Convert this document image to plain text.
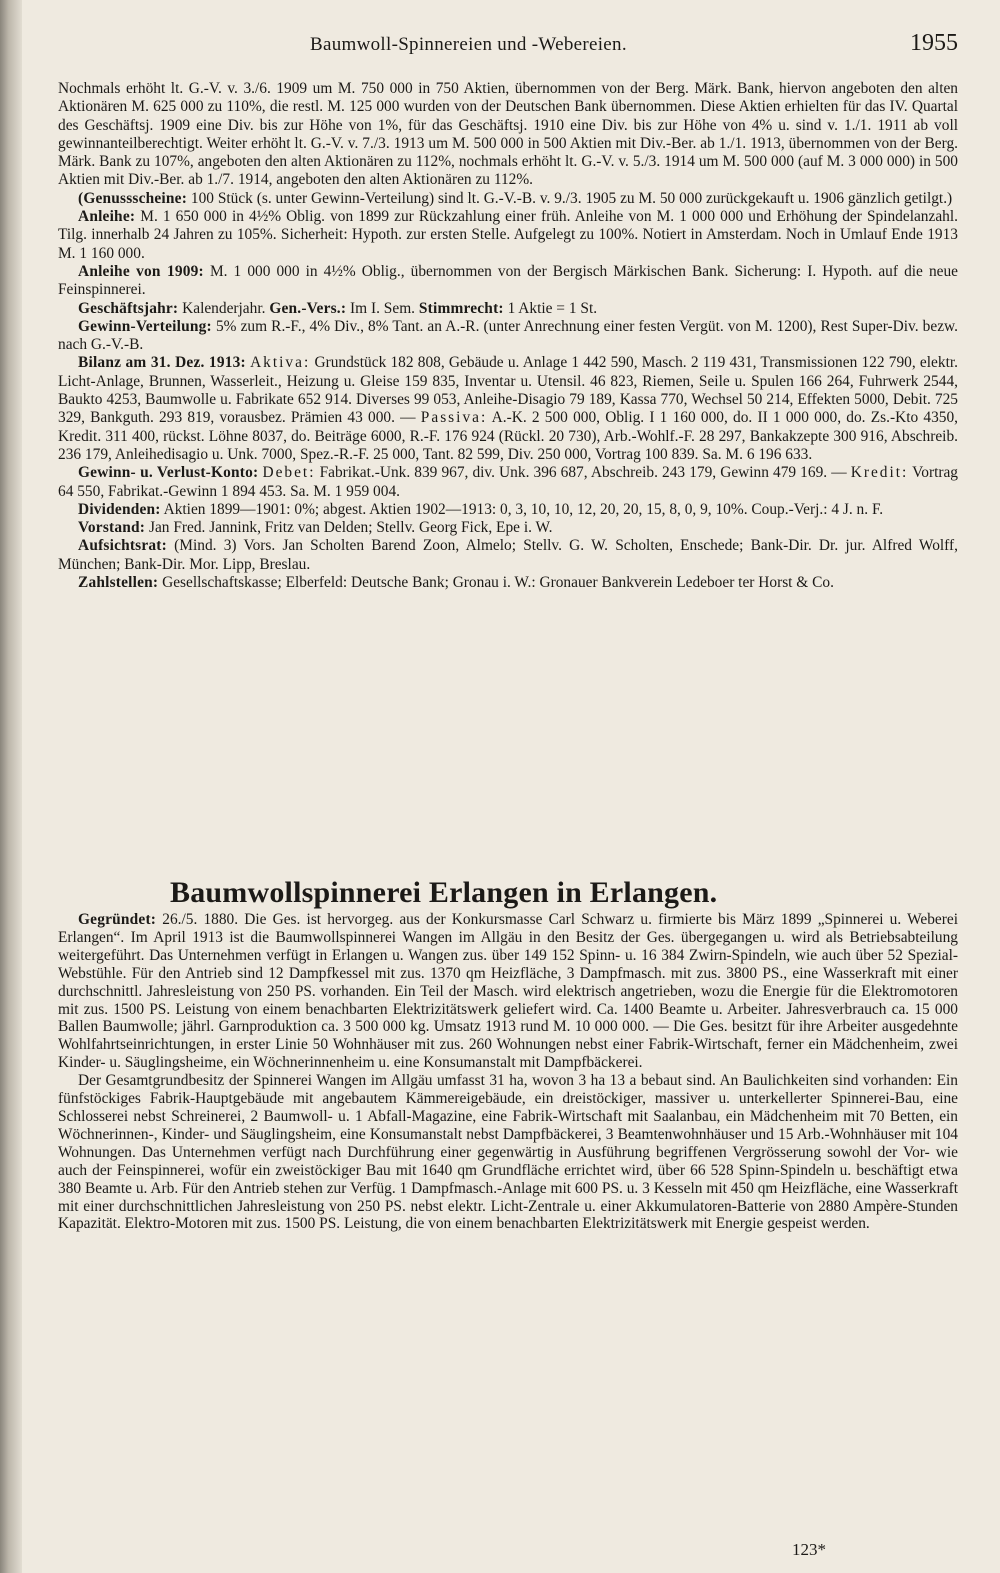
Baumwoll-Spinnereien und -Webereien.	1955

Nochmals erhöht lt. G.-V. v. 3./6. 1909 um M. 750 000 in 750 Aktien, übernommen von der Berg. Märk. Bank, hiervon angeboten den alten Aktionären M. 625 000 zu 110%, die restl. M. 125 000 wurden von der Deutschen Bank übernommen. Diese Aktien erhielten für das IV. Quartal des Geschäftsj. 1909 eine Div. bis zur Höhe von 1%, für das Geschäftsj. 1910 eine Div. bis zur Höhe von 4% u. sind v. 1./1. 1911 ab voll gewinnanteilberechtigt. Weiter erhöht lt. G.-V. v. 7./3. 1913 um M. 500 000 in 500 Aktien mit Div.-Ber. ab 1./1. 1913, übernommen von der Berg. Märk. Bank zu 107%, angeboten den alten Aktionären zu 112%, nochmals erhöht lt. G.-V. v. 5./3. 1914 um M. 500 000 (auf M. 3 000 000) in 500 Aktien mit Div.-Ber. ab 1./7. 1914, angeboten den alten Aktionären zu 112%.

(Genussscheine: 100 Stück (s. unter Gewinn-Verteilung) sind lt. G.-V.-B. v. 9./3. 1905 zu M. 50 000 zurückgekauft u. 1906 gänzlich getilgt.)

Anleihe: M. 1 650 000 in 4½% Oblig. von 1899 zur Rückzahlung einer früh. Anleihe von M. 1 000 000 und Erhöhung der Spindelanzahl. Tilg. innerhalb 24 Jahren zu 105%. Sicherheit: Hypoth. zur ersten Stelle. Aufgelegt zu 100%. Notiert in Amsterdam. Noch in Umlauf Ende 1913 M. 1 160 000.

Anleihe von 1909: M. 1 000 000 in 4½% Oblig., übernommen von der Bergisch Märkischen Bank. Sicherung: I. Hypoth. auf die neue Feinspinnerei.

Geschäftsjahr: Kalenderjahr. Gen.-Vers.: Im I. Sem. Stimmrecht: 1 Aktie = 1 St.

Gewinn-Verteilung: 5% zum R.-F., 4% Div., 8% Tant. an A.-R. (unter Anrechnung einer festen Vergüt. von M. 1200), Rest Super-Div. bezw. nach G.-V.-B.

Bilanz am 31. Dez. 1913: Aktiva: Grundstück 182 808, Gebäude u. Anlage 1 442 590, Masch. 2 119 431, Transmissionen 122 790, elektr. Licht-Anlage, Brunnen, Wasserleit., Heizung u. Gleise 159 835, Inventar u. Utensil. 46 823, Riemen, Seile u. Spulen 166 264, Fuhrwerk 2544, Baukto 4253, Baumwolle u. Fabrikate 652 914. Diverses 99 053, Anleihe-Disagio 79 189, Kassa 770, Wechsel 50 214, Effekten 5000, Debit. 725 329, Bankguth. 293 819, vorausbez. Prämien 43 000. — Passiva: A.-K. 2 500 000, Oblig. I 1 160 000, do. II 1 000 000, do. Zs.-Kto 4350, Kredit. 311 400, rückst. Löhne 8037, do. Beiträge 6000, R.-F. 176 924 (Rückl. 20 730), Arb.-Wohlf.-F. 28 297, Bankakzepte 300 916, Abschreib. 236 179, Anleihedisagio u. Unk. 7000, Spez.-R.-F. 25 000, Tant. 82 599, Div. 250 000, Vortrag 100 839. Sa. M. 6 196 633.

Gewinn- u. Verlust-Konto: Debet: Fabrikat.-Unk. 839 967, div. Unk. 396 687, Abschreib. 243 179, Gewinn 479 169. — Kredit: Vortrag 64 550, Fabrikat.-Gewinn 1 894 453. Sa. M. 1 959 004.

Dividenden: Aktien 1899—1901: 0%; abgest. Aktien 1902—1913: 0, 3, 10, 10, 12, 20, 20, 15, 8, 0, 9, 10%. Coup.-Verj.: 4 J. n. F.

Vorstand: Jan Fred. Jannink, Fritz van Delden; Stellv. Georg Fick, Epe i. W.

Aufsichtsrat: (Mind. 3) Vors. Jan Scholten Barend Zoon, Almelo; Stellv. G. W. Scholten, Enschede; Bank-Dir. Dr. jur. Alfred Wolff, München; Bank-Dir. Mor. Lipp, Breslau.

Zahlstellen: Gesellschaftskasse; Elberfeld: Deutsche Bank; Gronau i. W.: Gronauer Bankverein Ledeboer ter Horst & Co.

Baumwollspinnerei Erlangen in Erlangen.

Gegründet: 26./5. 1880. Die Ges. ist hervorgeg. aus der Konkursmasse Carl Schwarz u. firmierte bis März 1899 „Spinnerei u. Weberei Erlangen“. Im April 1913 ist die Baumwollspinnerei Wangen im Allgäu in den Besitz der Ges. übergegangen u. wird als Betriebsabteilung weitergeführt. Das Unternehmen verfügt in Erlangen u. Wangen zus. über 149 152 Spinn- u. 16 384 Zwirn-Spindeln, wie auch über 52 Spezial-Webstühle. Für den Antrieb sind 12 Dampfkessel mit zus. 1370 qm Heizfläche, 3 Dampfmasch. mit zus. 3800 PS., eine Wasserkraft mit einer durchschnittl. Jahresleistung von 250 PS. vorhanden. Ein Teil der Masch. wird elektrisch angetrieben, wozu die Energie für die Elektromotoren mit zus. 1500 PS. Leistung von einem benachbarten Elektrizitätswerk geliefert wird. Ca. 1400 Beamte u. Arbeiter. Jahresverbrauch ca. 15 000 Ballen Baumwolle; jährl. Garnproduktion ca. 3 500 000 kg. Umsatz 1913 rund M. 10 000 000. — Die Ges. besitzt für ihre Arbeiter ausgedehnte Wohlfahrtseinrichtungen, in erster Linie 50 Wohnhäuser mit zus. 260 Wohnungen nebst einer Fabrik-Wirtschaft, ferner ein Mädchenheim, zwei Kinder- u. Säuglingsheime, ein Wöchnerinnenheim u. eine Konsumanstalt mit Dampfbäckerei.

Der Gesamtgrundbesitz der Spinnerei Wangen im Allgäu umfasst 31 ha, wovon 3 ha 13 a bebaut sind. An Baulichkeiten sind vorhanden: Ein fünfstöckiges Fabrik-Hauptgebäude mit angebautem Kämmereigebäude, ein dreistöckiger, massiver u. unterkellerter Spinnerei-Bau, eine Schlosserei nebst Schreinerei, 2 Baumwoll- u. 1 Abfall-Magazine, eine Fabrik-Wirtschaft mit Saalanbau, ein Mädchenheim mit 70 Betten, ein Wöchnerinnen-, Kinder- und Säuglingsheim, eine Konsumanstalt nebst Dampfbäckerei, 3 Beamtenwohnhäuser und 15 Arb.-Wohnhäuser mit 104 Wohnungen. Das Unternehmen verfügt nach Durchführung einer gegenwärtig in Ausführung begriffenen Vergrösserung sowohl der Vor- wie auch der Feinspinnerei, wofür ein zweistöckiger Bau mit 1640 qm Grundfläche errichtet wird, über 66 528 Spinn-Spindeln u. beschäftigt etwa 380 Beamte u. Arb. Für den Antrieb stehen zur Verfüg. 1 Dampfmasch.-Anlage mit 600 PS. u. 3 Kesseln mit 450 qm Heizfläche, eine Wasserkraft mit einer durchschnittlichen Jahresleistung von 250 PS. nebst elektr. Licht-Zentrale u. einer Akkumulatoren-Batterie von 2880 Ampère-Stunden Kapazität. Elektro-Motoren mit zus. 1500 PS. Leistung, die von einem benachbarten Elektrizitätswerk mit Energie gespeist werden.

123*
